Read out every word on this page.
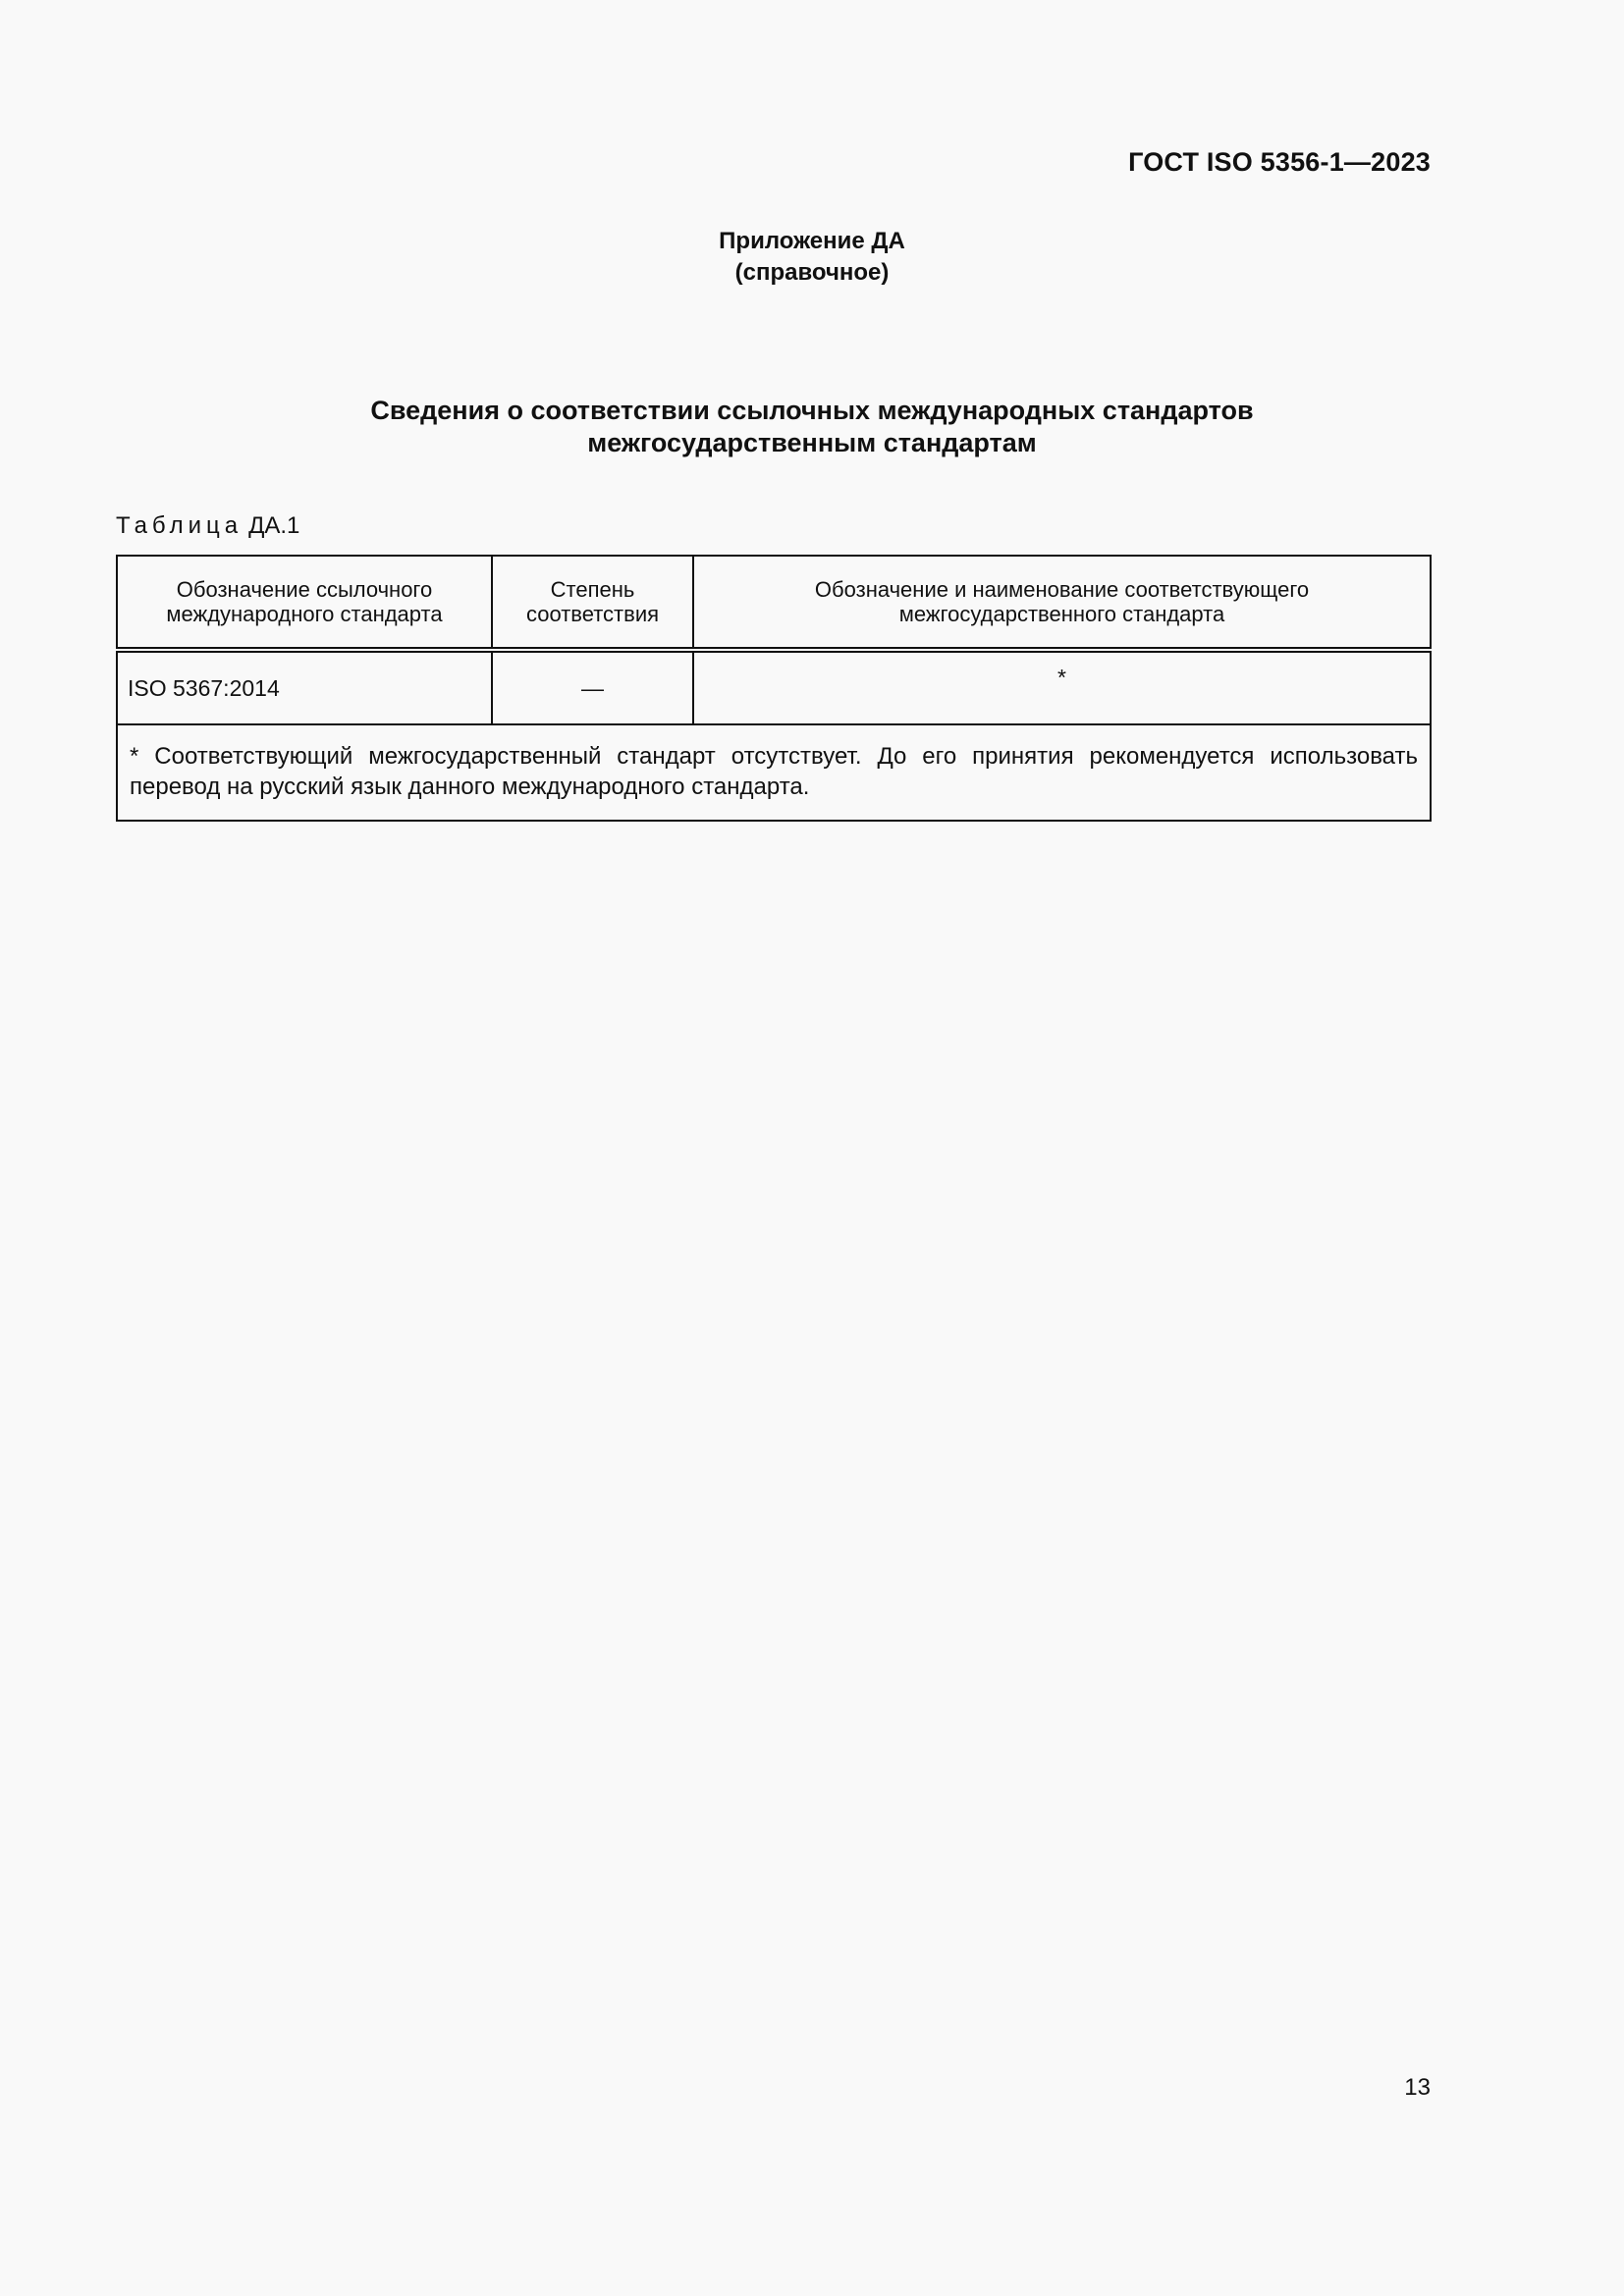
ГОСТ ISO 5356-1—2023
Приложение ДА
(справочное)
Сведения о соответствии ссылочных международных стандартов
межгосударственным стандартам
Таблица ДА.1
Обозначение ссылочного международного стандарта	Степень соответствия	Обозначение и наименование соответствующего межгосударственного стандарта
ISO 5367:2014	—	*
* Соответствующий межгосударственный стандарт отсутствует. До его принятия рекомендуется использовать перевод на русский язык данного международного стандарта.		
13
